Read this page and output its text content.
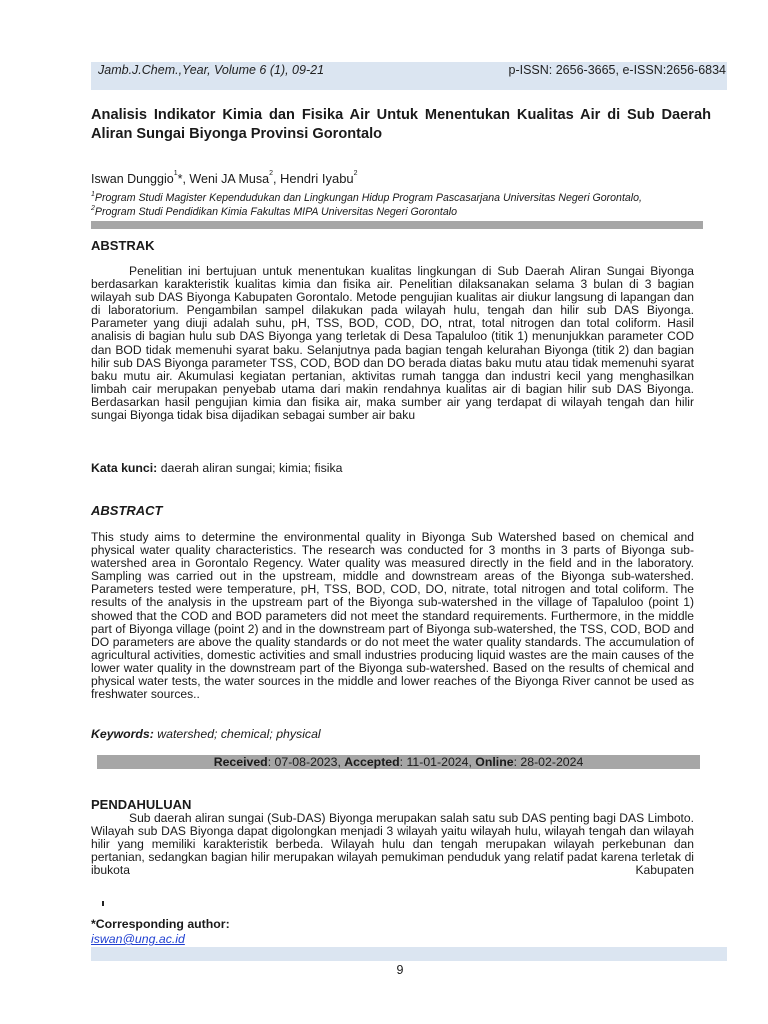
Jamb.J.Chem.,Year, Volume 6 (1), 09-21	p-ISSN: 2656-3665, e-ISSN:2656-6834
Analisis Indikator Kimia dan Fisika Air Untuk Menentukan Kualitas Air di Sub Daerah Aliran Sungai Biyonga Provinsi Gorontalo
Iswan Dunggio$^1$*, Weni JA Musa$^2$, Hendri Iyabu$^2$
$^1$Program Studi Magister Kependudukan dan Lingkungan Hidup Program Pascasarjana Universitas Negeri Gorontalo,
$^2$Program Studi Pendidikan Kimia Fakultas MIPA Universitas Negeri Gorontalo
ABSTRAK
Penelitian ini bertujuan untuk menentukan kualitas lingkungan di Sub Daerah Aliran Sungai Biyonga berdasarkan karakteristik kualitas kimia dan fisika air. Penelitian dilaksanakan selama 3 bulan di 3 bagian wilayah sub DAS Biyonga Kabupaten Gorontalo. Metode pengujian kualitas air diukur langsung di lapangan dan di laboratorium. Pengambilan sampel dilakukan pada wilayah hulu, tengah dan hilir sub DAS Biyonga. Parameter yang diuji adalah suhu, pH, TSS, BOD, COD, DO, ntrat, total nitrogen dan total coliform. Hasil analisis di bagian hulu sub DAS Biyonga yang terletak di Desa Tapaluloo (titik 1) menunjukkan parameter COD dan BOD tidak memenuhi syarat baku. Selanjutnya pada bagian tengah kelurahan Biyonga (titik 2) dan bagian hilir sub DAS Biyonga parameter TSS, COD, BOD dan DO berada diatas baku mutu atau tidak memenuhi syarat baku mutu air. Akumulasi kegiatan pertanian, aktivitas rumah tangga dan industri kecil yang menghasilkan limbah cair merupakan penyebab utama dari makin rendahnya kualitas air di bagian hilir sub DAS Biyonga. Berdasarkan hasil pengujian kimia dan fisika air, maka sumber air yang terdapat di wilayah tengah dan hilir sungai Biyonga tidak bisa dijadikan sebagai sumber air baku
Kata kunci: daerah aliran sungai; kimia; fisika
ABSTRACT
This study aims to determine the environmental quality in Biyonga Sub Watershed based on chemical and physical water quality characteristics. The research was conducted for 3 months in 3 parts of Biyonga sub-watershed area in Gorontalo Regency. Water quality was measured directly in the field and in the laboratory. Sampling was carried out in the upstream, middle and downstream areas of the Biyonga sub-watershed. Parameters tested were temperature, pH, TSS, BOD, COD, DO, nitrate, total nitrogen and total coliform. The results of the analysis in the upstream part of the Biyonga sub-watershed in the village of Tapaluloo (point 1) showed that the COD and BOD parameters did not meet the standard requirements. Furthermore, in the middle part of Biyonga village (point 2) and in the downstream part of Biyonga sub-watershed, the TSS, COD, BOD and DO parameters are above the quality standards or do not meet the water quality standards. The accumulation of agricultural activities, domestic activities and small industries producing liquid wastes are the main causes of the lower water quality in the downstream part of the Biyonga sub-watershed. Based on the results of chemical and physical water tests, the water sources in the middle and lower reaches of the Biyonga River cannot be used as freshwater sources..
Keywords: watershed; chemical; physical
Received: 07-08-2023, Accepted: 11-01-2024, Online: 28-02-2024
PENDAHULUAN
Sub daerah aliran sungai (Sub-DAS) Biyonga merupakan salah satu sub DAS penting bagi DAS Limboto. Wilayah sub DAS Biyonga dapat digolongkan menjadi 3 wilayah yaitu wilayah hulu, wilayah tengah dan wilayah hilir yang memiliki karakteristik berbeda. Wilayah hulu dan tengah merupakan wilayah perkebunan dan pertanian, sedangkan bagian hilir merupakan wilayah pemukiman penduduk yang relatif padat karena terletak di ibukota Kabupaten
*Corresponding author:
iswan@ung.ac.id
9
